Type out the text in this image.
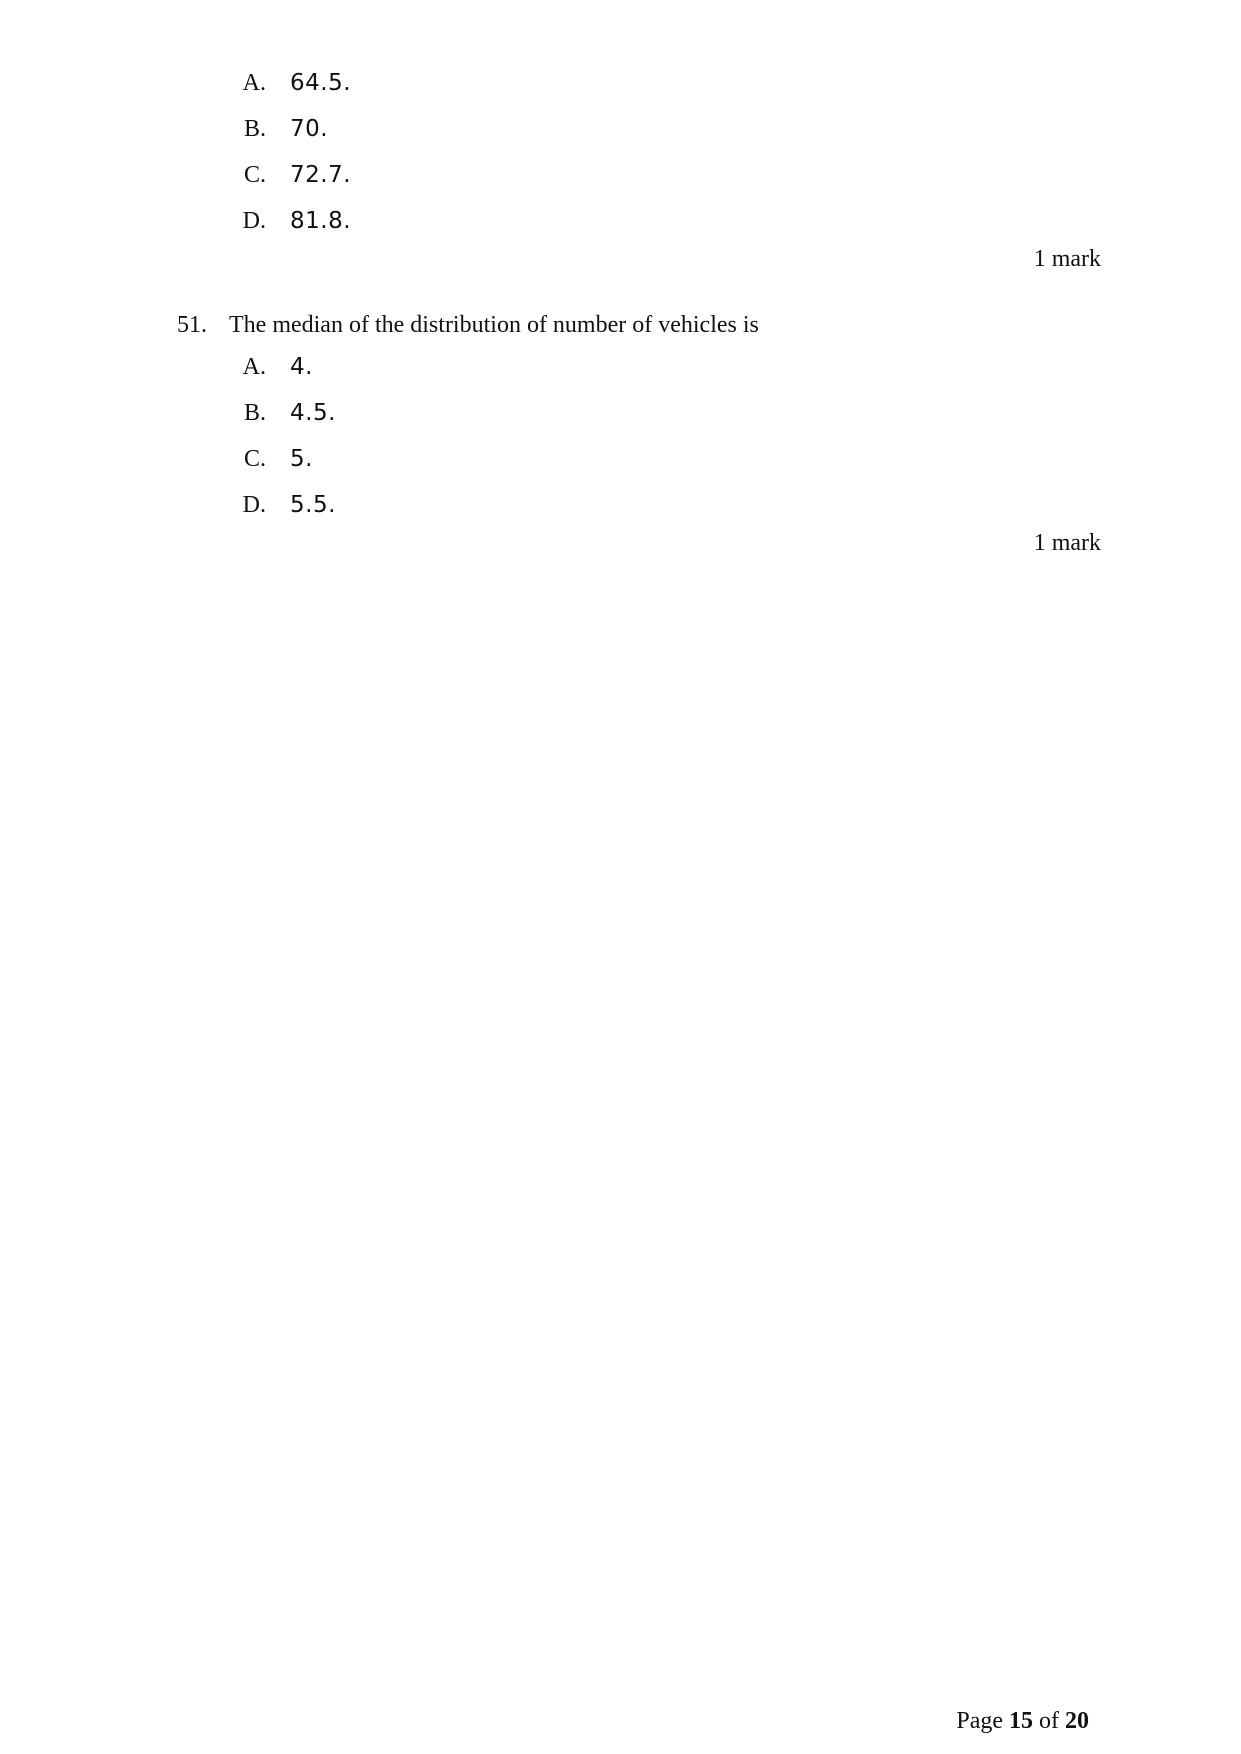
A. 64.5.
B. 70.
C. 72.7.
D. 81.8.
1 mark
51. The median of the distribution of number of vehicles is
A. 4.
B. 4.5.
C. 5.
D. 5.5.
1 mark
Page 15 of 20
